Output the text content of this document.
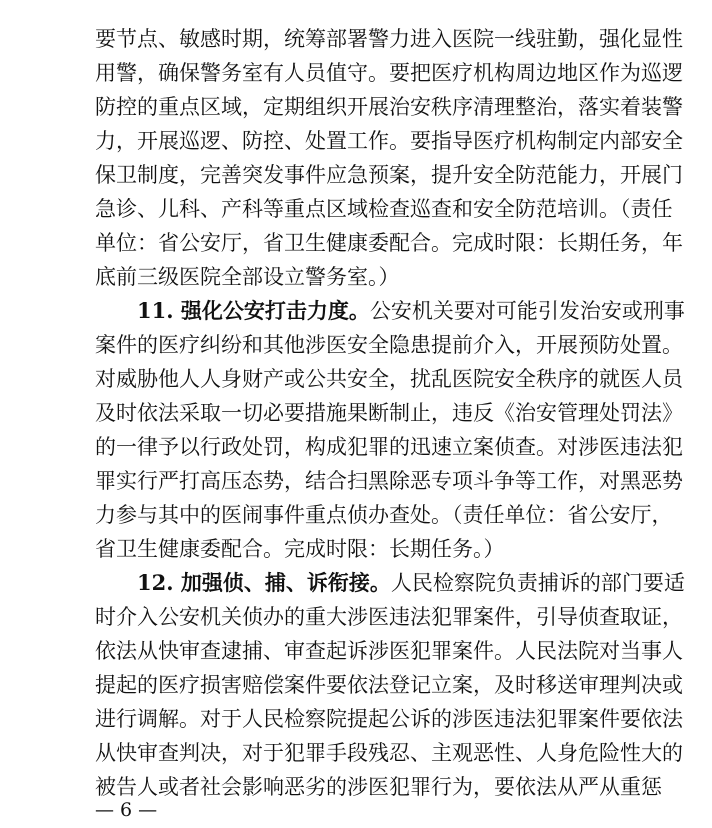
要节点、敏感时期，统筹部署警力进入医院一线驻勤，强化显性
用警，确保警务室有人员值守。要把医疗机构周边地区作为巡逻
防控的重点区域，定期组织开展治安秩序清理整治，落实着装警
力，开展巡逻、防控、处置工作。要指导医疗机构制定内部安全
保卫制度，完善突发事件应急预案，提升安全防范能力，开展门
急诊、儿科、产科等重点区域检查巡查和安全防范培训。（责任
单位：省公安厅，省卫生健康委配合。完成时限：长期任务，年
底前三级医院全部设立警务室。）
11. 强化公安打击力度。公安机关要对可能引发治安或刑事
案件的医疗纠纷和其他涉医安全隐患提前介入，开展预防处置。
对威胁他人人身财产或公共安全，扰乱医院安全秩序的就医人员
及时依法采取一切必要措施果断制止，违反《治安管理处罚法》
的一律予以行政处罚，构成犯罪的迅速立案侦查。对涉医违法犯
罪实行严打高压态势，结合扫黑除恶专项斗争等工作，对黑恶势
力参与其中的医闹事件重点侦办查处。（责任单位：省公安厅，
省卫生健康委配合。完成时限：长期任务。）
12. 加强侦、捕、诉衔接。人民检察院负责捕诉的部门要适
时介入公安机关侦办的重大涉医违法犯罪案件，引导侦查取证，
依法从快审查逮捕、审查起诉涉医犯罪案件。人民法院对当事人
提起的医疗损害赔偿案件要依法登记立案，及时移送审理判决或
进行调解。对于人民检察院提起公诉的涉医违法犯罪案件要依法
从快审查判决，对于犯罪手段残忍、主观恶性、人身危险性大的
被告人或者社会影响恶劣的涉医犯罪行为，要依法从严从重惩
— 6 —
